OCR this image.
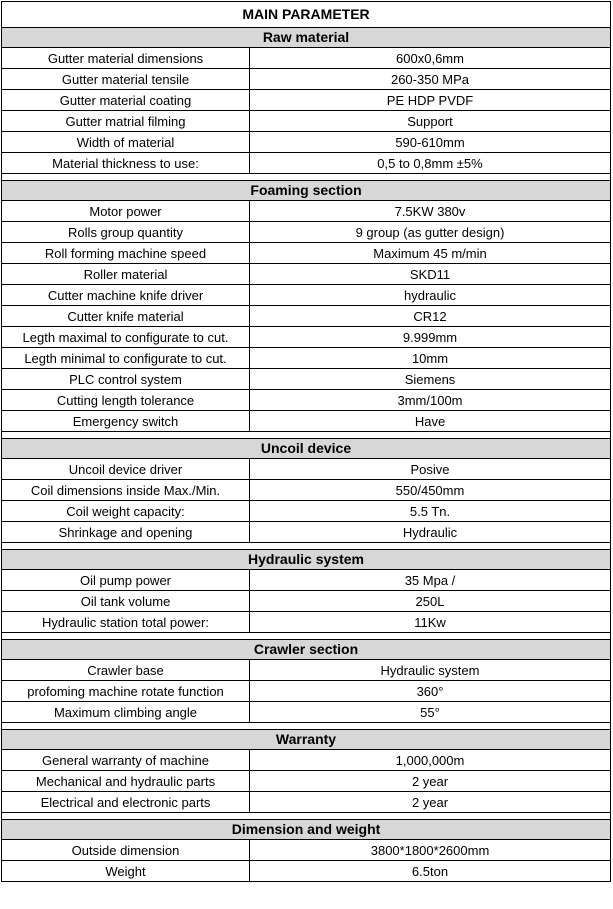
MAIN PARAMETER	
Raw material	
Gutter material dimensions	600x0,6mm
Gutter material tensile	260-350 MPa
Gutter material coating	PE HDP PVDF
Gutter matrial filming	Support
Width of material	590-610mm
Material thickness to use:	0,5 to 0,8mm ±5%

Foaming section	
Motor power	7.5KW 380v
Rolls group quantity	9 group (as gutter design)
Roll forming machine speed	Maximum 45 m/min
Roller material	SKD11
Cutter machine knife driver	hydraulic
Cutter knife material	CR12
Legth maximal to configurate to cut.	9.999mm
Legth minimal to configurate to cut.	10mm
PLC control system	Siemens
Cutting length tolerance	3mm/100m
Emergency switch	Have

Uncoil device	
Uncoil device driver	Posive
Coil dimensions inside Max./Min.	550/450mm
Coil weight capacity:	5.5 Tn.
Shrinkage and opening	Hydraulic

Hydraulic system	
Oil pump power	35 Mpa /
Oil tank volume	250L
Hydraulic station total power:	11Kw

Crawler section	
Crawler base	Hydraulic system
profoming machine rotate function	360°
Maximum climbing angle	55°

Warranty	
General warranty of machine	1,000,000m
Mechanical and hydraulic parts	2 year
Electrical and electronic parts	2 year

Dimension and weight	
Outside dimension	3800*1800*2600mm
Weight	6.5ton
